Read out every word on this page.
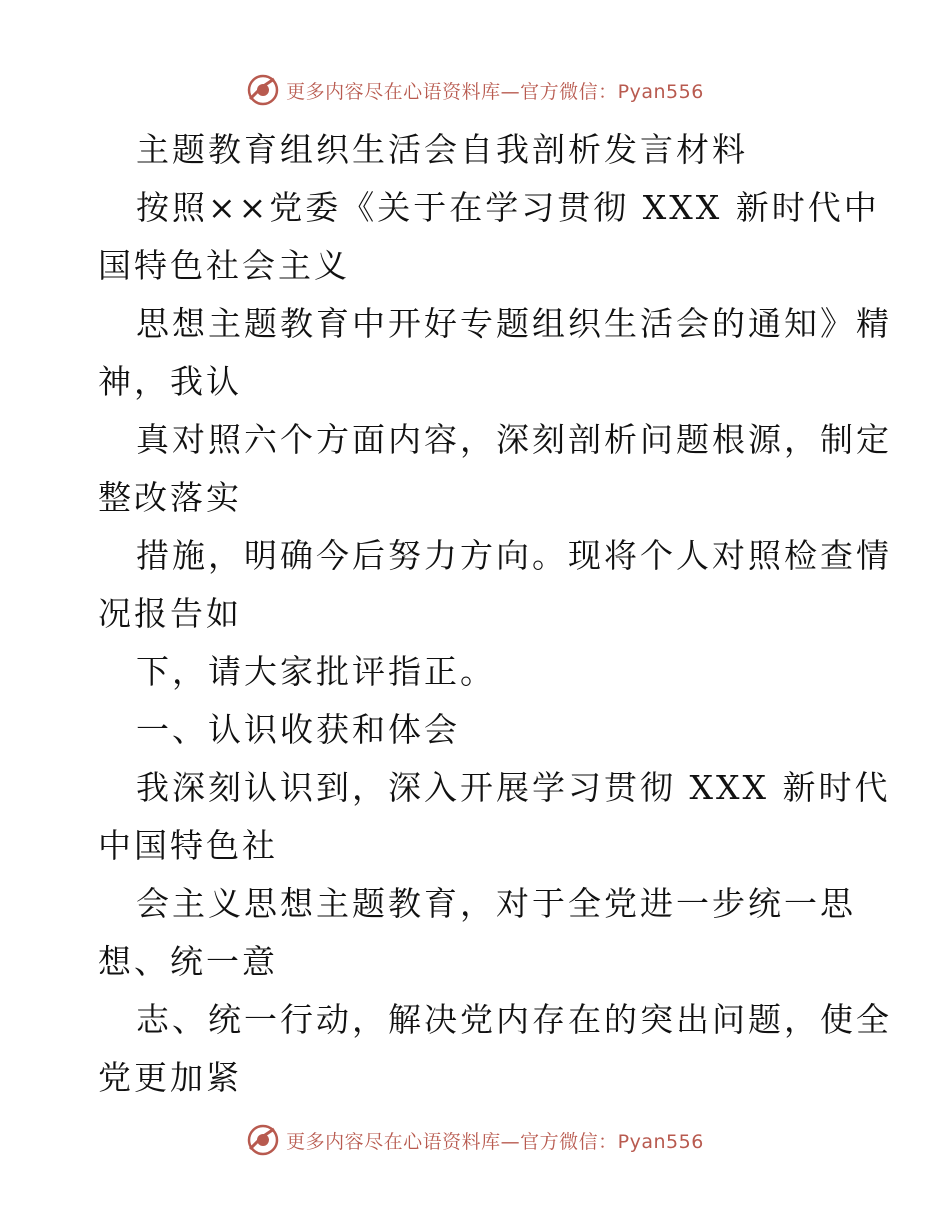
更多内容尽在心语资料库—官方微信：Pyan556
主题教育组织生活会自我剖析发言材料
按照××党委《关于在学习贯彻 XXX 新时代中
国特色社会主义
思想主题教育中开好专题组织生活会的通知》精
神，我认
真对照六个方面内容，深刻剖析问题根源，制定
整改落实
措施，明确今后努力方向。现将个人对照检查情
况报告如
下，请大家批评指正。
一、认识收获和体会
我深刻认识到，深入开展学习贯彻 XXX 新时代
中国特色社
会主义思想主题教育，对于全党进一步统一思
想、统一意
志、统一行动，解决党内存在的突出问题，使全
党更加紧
更多内容尽在心语资料库—官方微信：Pyan556
